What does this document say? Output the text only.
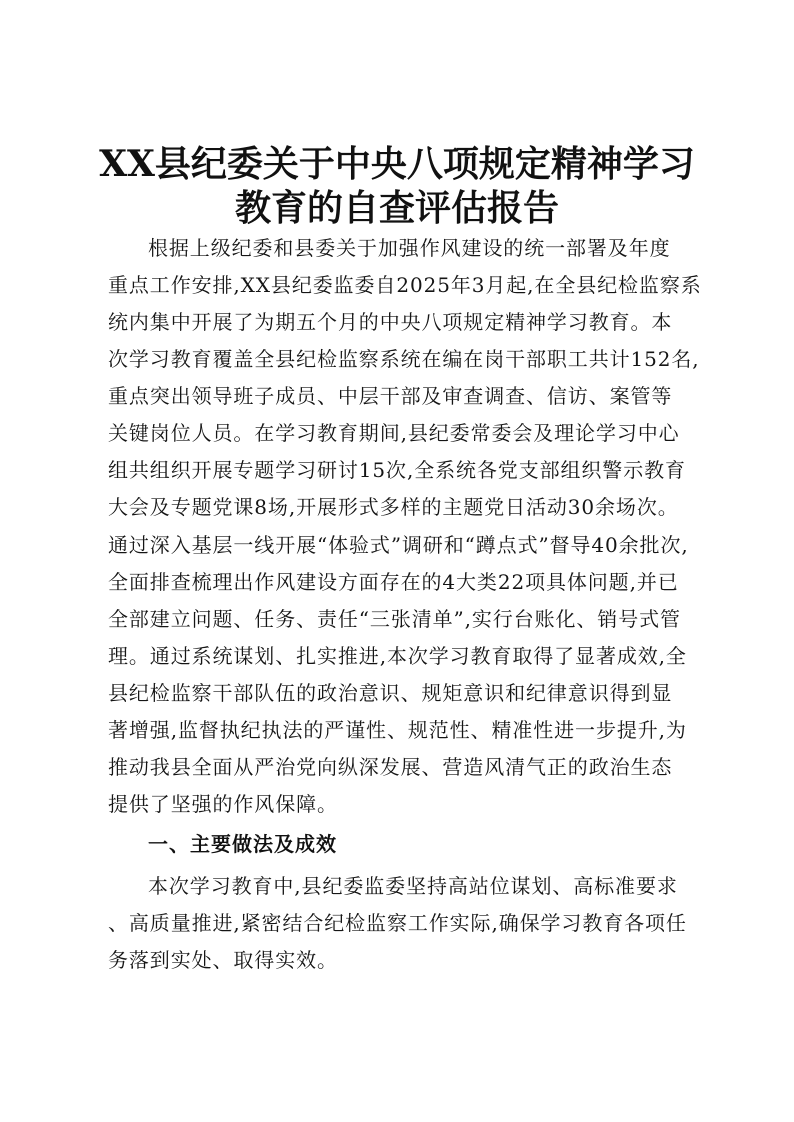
XX县纪委关于中央八项规定精神学习
教育的自查评估报告
根据上级纪委和县委关于加强作风建设的统一部署及年度
重点工作安排,XX县纪委监委自2025年3月起,在全县纪检监察系
统内集中开展了为期五个月的中央八项规定精神学习教育。本
次学习教育覆盖全县纪检监察系统在编在岗干部职工共计152名,
重点突出领导班子成员、中层干部及审查调查、信访、案管等
关键岗位人员。在学习教育期间,县纪委常委会及理论学习中心
组共组织开展专题学习研讨15次,全系统各党支部组织警示教育
大会及专题党课8场,开展形式多样的主题党日活动30余场次。
通过深入基层一线开展“体验式”调研和“蹲点式”督导40余批次,
全面排查梳理出作风建设方面存在的4大类22项具体问题,并已
全部建立问题、任务、责任“三张清单”,实行台账化、销号式管
理。通过系统谋划、扎实推进,本次学习教育取得了显著成效,全
县纪检监察干部队伍的政治意识、规矩意识和纪律意识得到显
著增强,监督执纪执法的严谨性、规范性、精准性进一步提升,为
推动我县全面从严治党向纵深发展、营造风清气正的政治生态
提供了坚强的作风保障。
一、主要做法及成效
本次学习教育中,县纪委监委坚持高站位谋划、高标准要求
、高质量推进,紧密结合纪检监察工作实际,确保学习教育各项任
务落到实处、取得实效。
